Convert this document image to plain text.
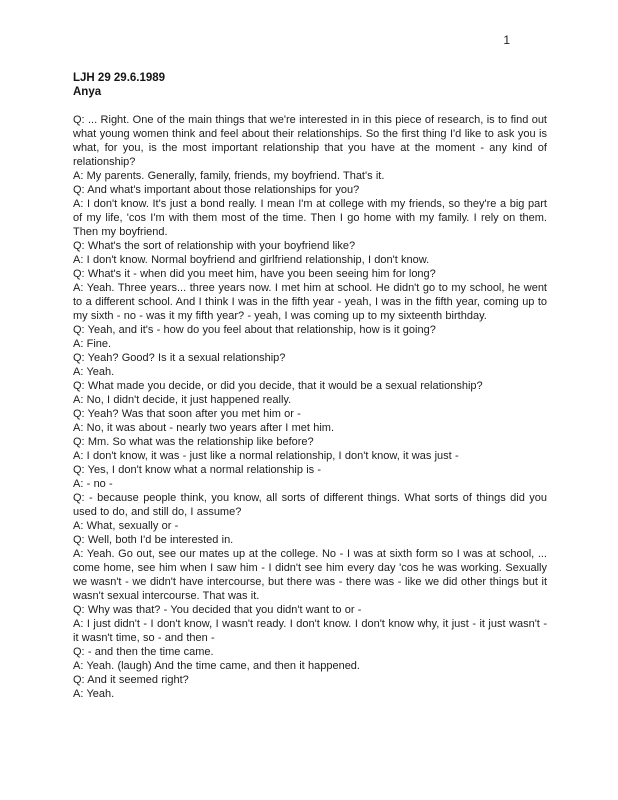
1
LJH 29 29.6.1989
Anya

Q: ... Right. One of the main things that we're interested in in this piece of research, is to find out what young women think and feel about their relationships. So the first thing I'd like to ask you is what, for you, is the most important relationship that you have at the moment - any kind of relationship?

A: My parents. Generally, family, friends, my boyfriend. That's it.

Q: And what's important about those relationships for you?

A: I don't know. It's just a bond really. I mean I'm at college with my friends, so they're a big part of my life, 'cos I'm with them most of the time. Then I go home with my family. I rely on them. Then my boyfriend.

Q: What's the sort of relationship with your boyfriend like?

A: I don't know. Normal boyfriend and girlfriend relationship, I don't know.

Q: What's it - when did you meet him, have you been seeing him for long?

A: Yeah. Three years... three years now. I met him at school. He didn't go to my school, he went to a different school. And I think I was in the fifth year - yeah, I was in the fifth year, coming up to my sixth - no - was it my fifth year? - yeah, I was coming up to my sixteenth birthday.

Q: Yeah, and it's - how do you feel about that relationship, how is it going?

A: Fine.

Q: Yeah? Good? Is it a sexual relationship?

A: Yeah.

Q: What made you decide, or did you decide, that it would be a sexual relationship?

A: No, I didn't decide, it just happened really.

Q: Yeah? Was that soon after you met him or -

A: No, it was about - nearly two years after I met him.

Q: Mm. So what was the relationship like before?

A: I don't know, it was - just like a normal relationship, I don't know, it was just -

Q: Yes, I don't know what a normal relationship is -

A: - no -

Q: - because people think, you know, all sorts of different things. What sorts of things did you used to do, and still do, I assume?

A: What, sexually or -

Q: Well, both I'd be interested in.

A: Yeah. Go out, see our mates up at the college. No - I was at sixth form so I was at school, ... come home, see him when I saw him - I didn't see him every day 'cos he was working. Sexually we wasn't - we didn't have intercourse, but there was - there was - like we did other things but it wasn't sexual intercourse. That was it.

Q: Why was that? - You decided that you didn't want to or -

A: I just didn't - I don't know, I wasn't ready. I don't know. I don't know why, it just - it just wasn't - it wasn't time, so - and then -

Q: - and then the time came.

A: Yeah. (laugh) And the time came, and then it happened.

Q: And it seemed right?

A: Yeah.
